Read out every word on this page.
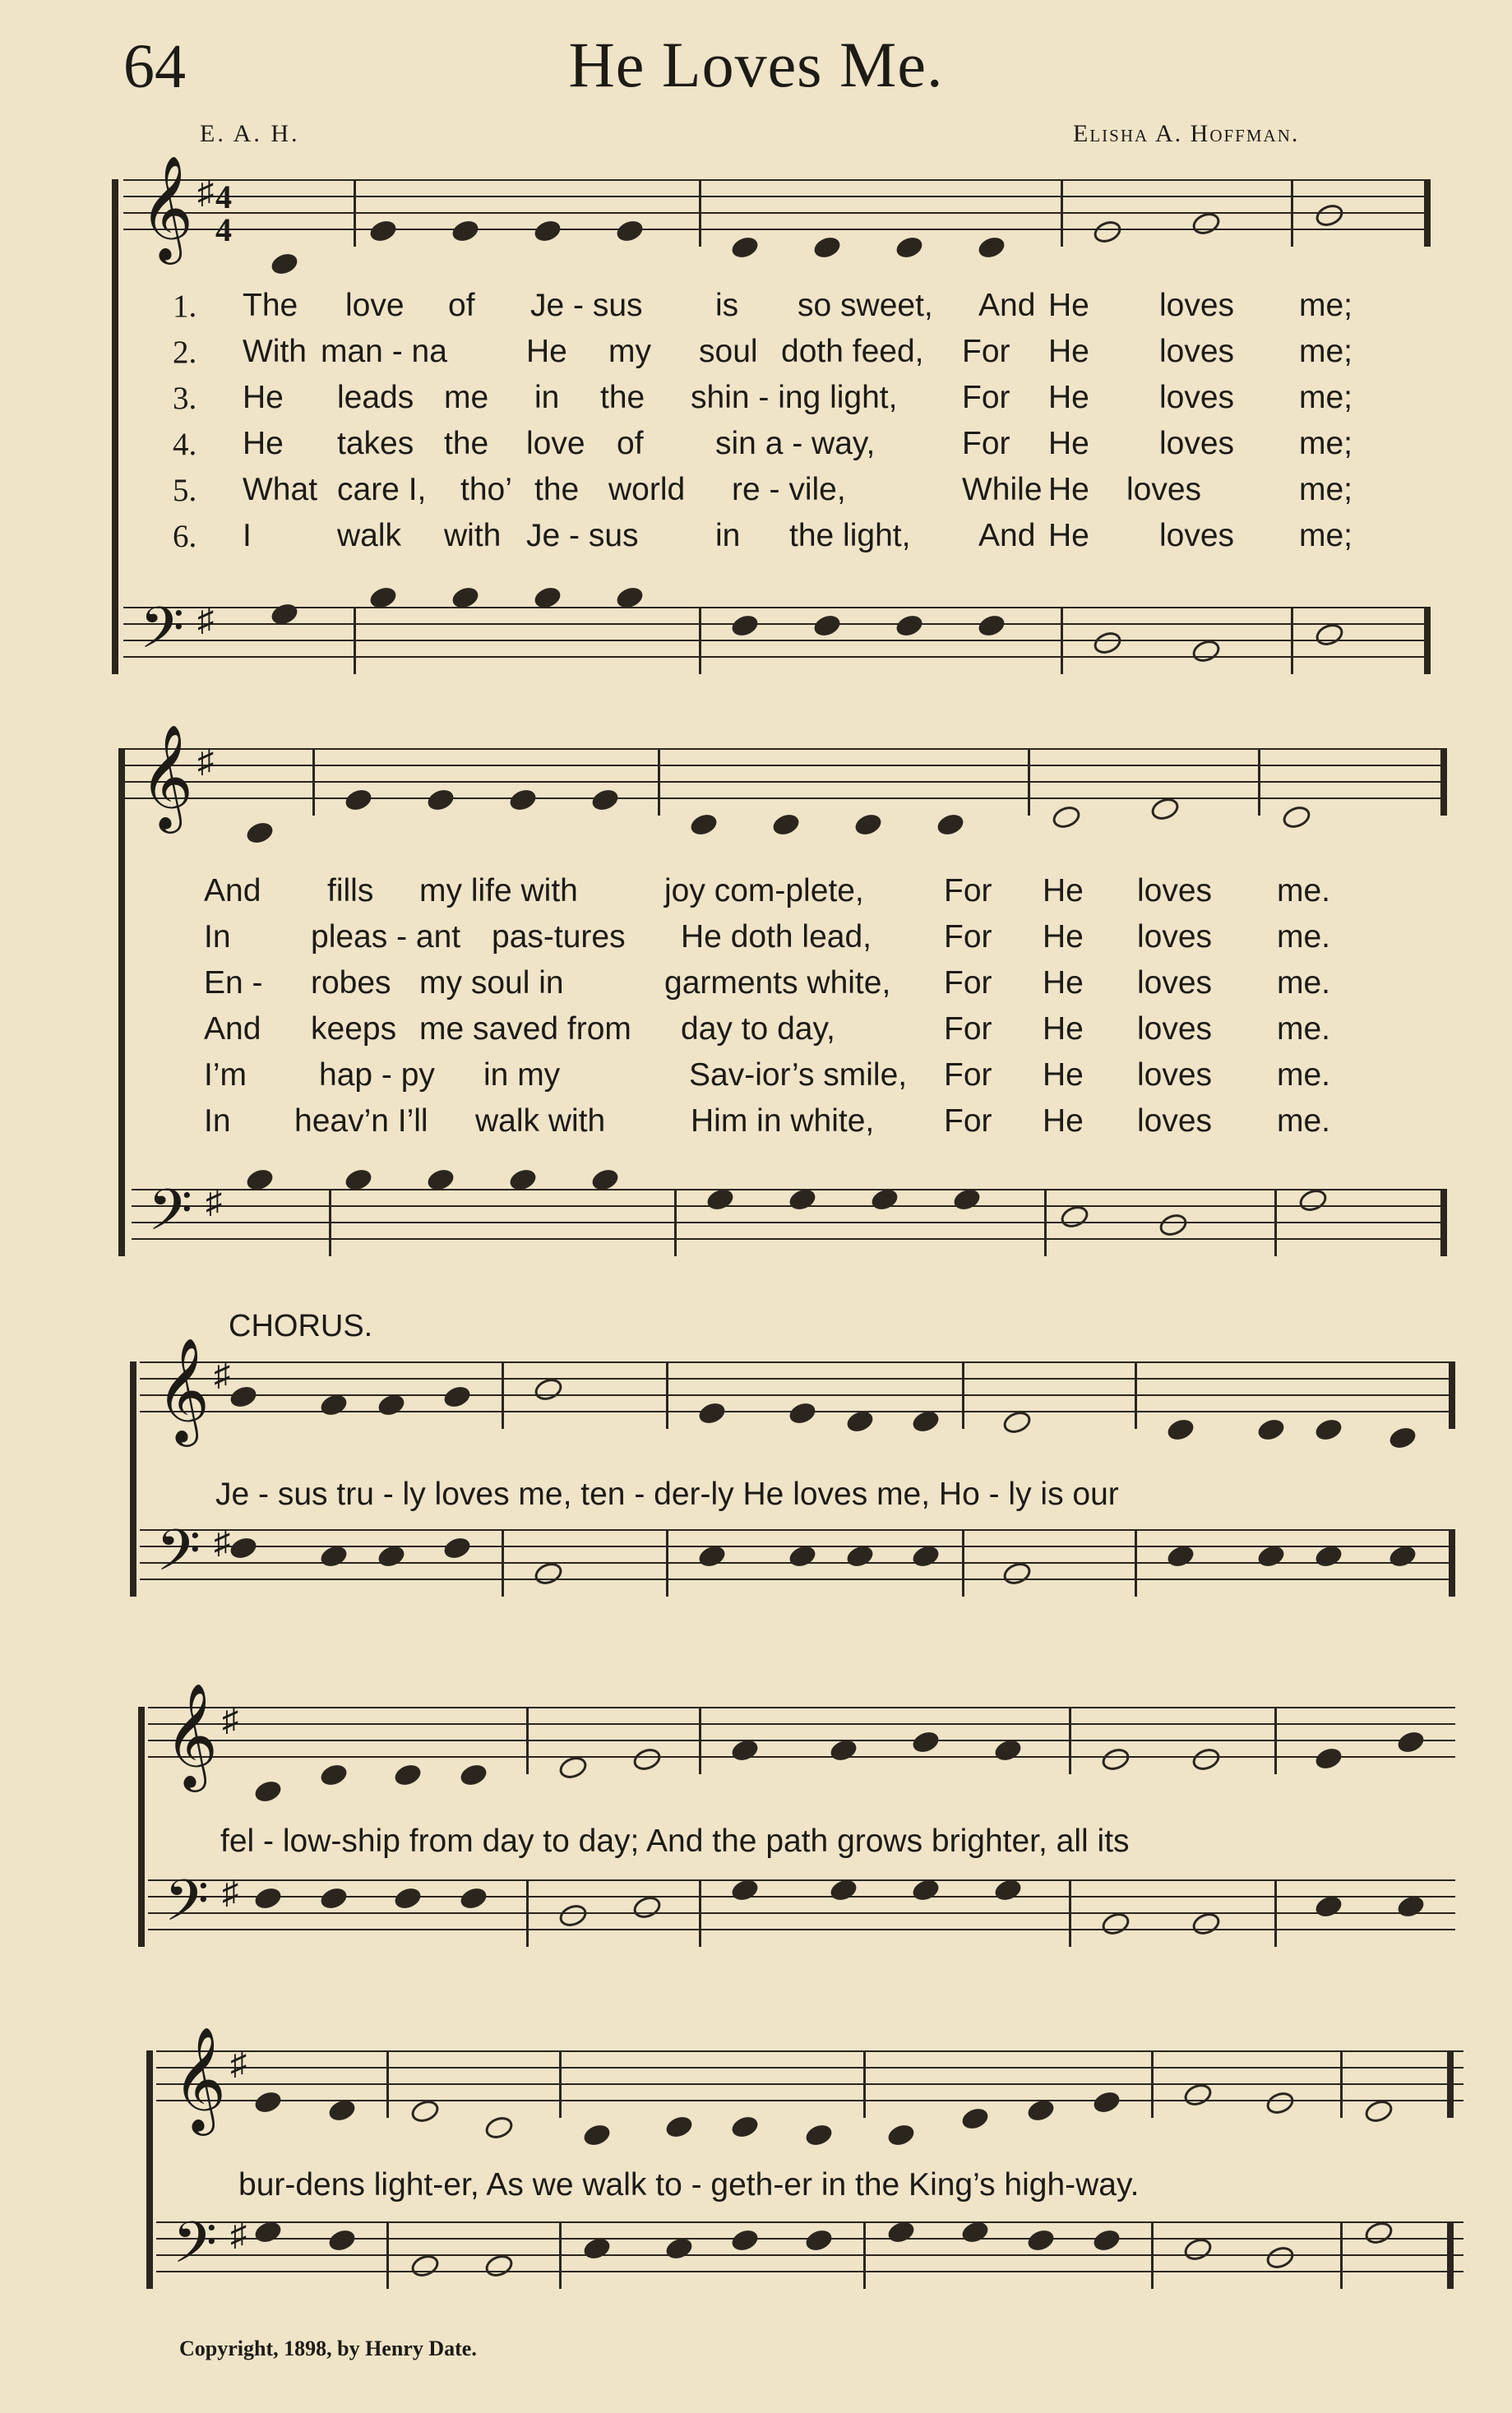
64	He Loves Me.
E. A. H.	Elisha A. Hoffman.
𝄞 ♯ 4
4
1. The love of Je - sus is so sweet, And He loves me;
2. With man - na He my soul doth feed, For He loves me;
3. He leads me in the shin - ing light, For He loves me;
4. He takes the love of sin a - way,	For He loves me;
5. What care I, tho’ the world re - vile,	While He loves	me;
6. I	walk with Je - sus in the light, And He loves me;
𝄢 ♯
𝄞 ♯
And fills my life with	joy com-plete, For He loves me.
In pleas - ant pas-tures He doth lead, For He loves me.
En - robes my soul in	garments white, For He loves me.
And keeps me saved from day to day,	For He loves me.
I’m hap - py in my	Sav-ior’s smile, For He loves me.
In heav’n I’ll walk with	Him in white, For He loves me.
𝄢 ♯
CHORUS.
𝄞 ♯
Je - sus tru - ly loves me, ten - der-ly He loves me, Ho - ly is our
𝄢 ♯
𝄞 ♯
fel - low-ship from day to day; And the path grows brighter, all its
𝄢 ♯
𝄞 ♯
bur-dens light-er, As we walk to - geth-er in the King’s high-way.
𝄢 ♯
Copyright, 1898, by Henry Date.
